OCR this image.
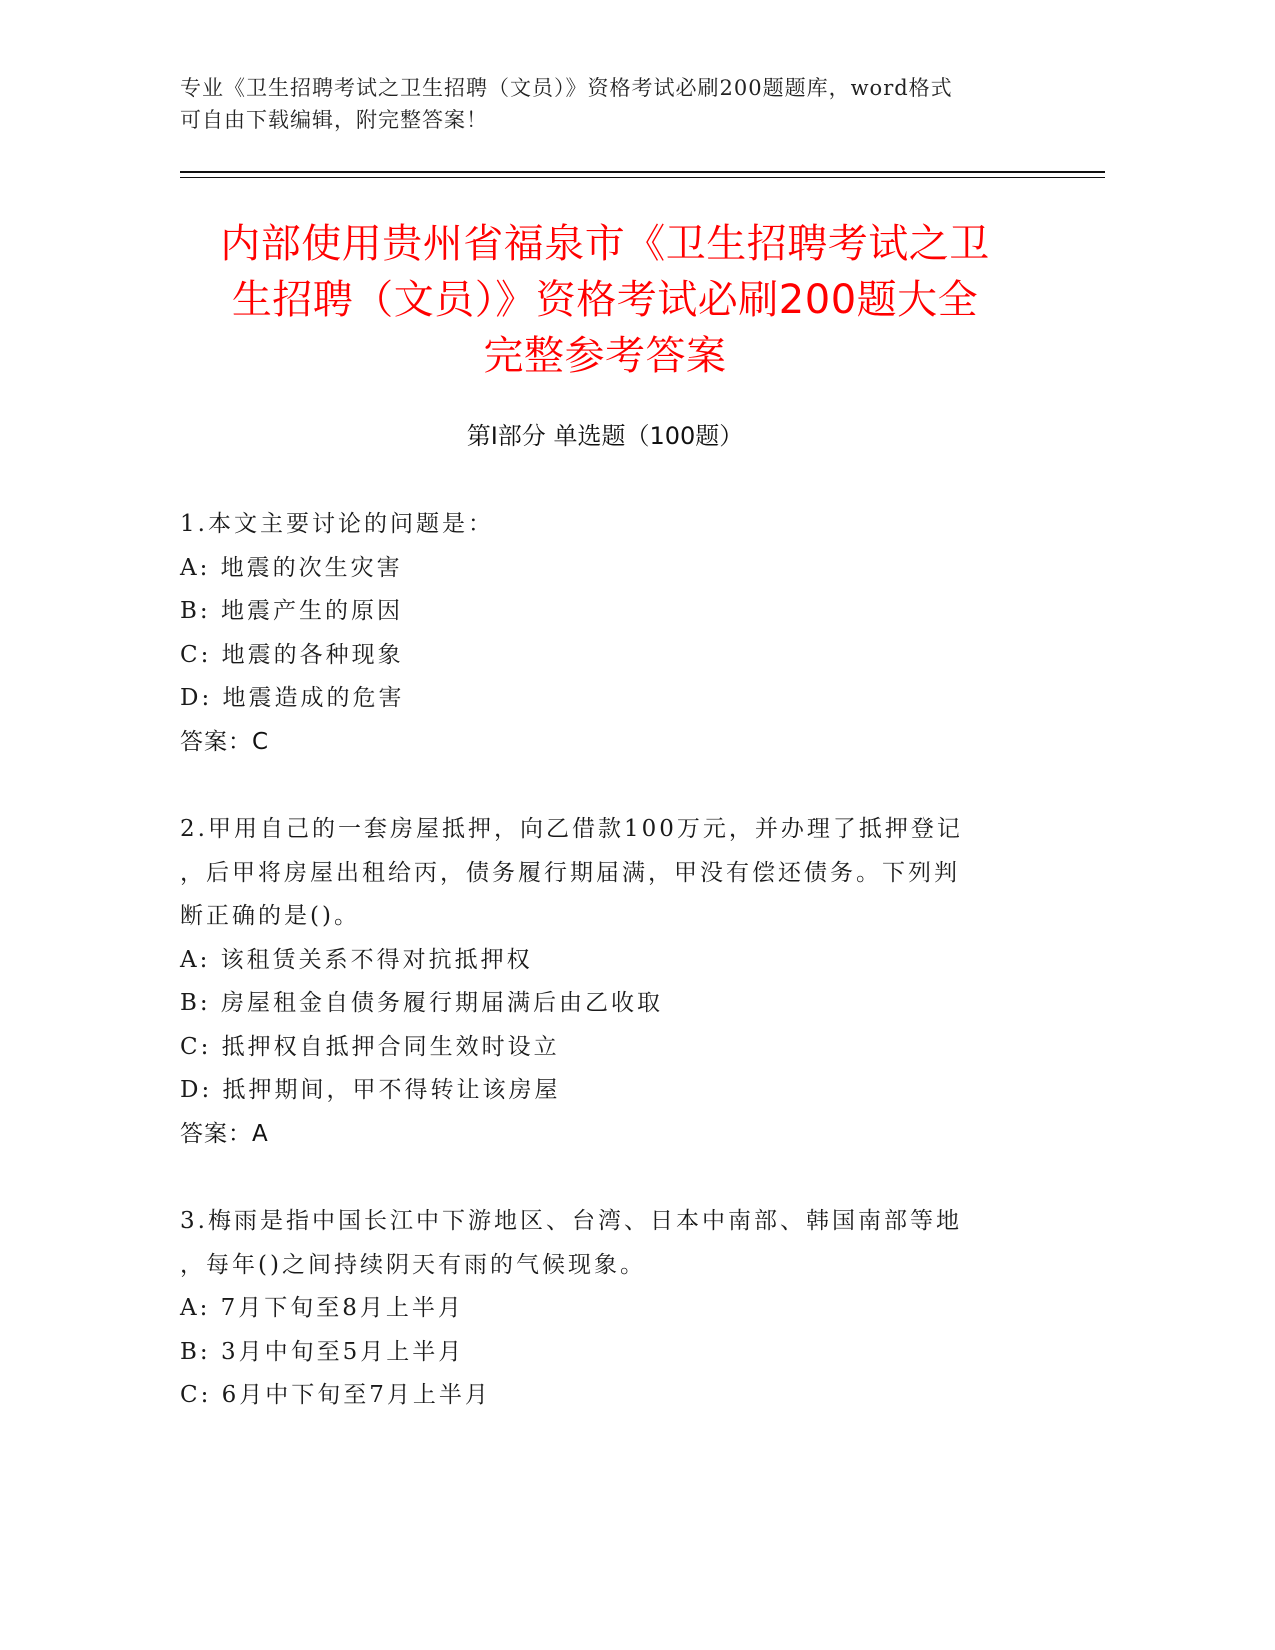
专业《卫生招聘考试之卫生招聘（文员）》资格考试必刷200题题库，word格式
可自由下载编辑，附完整答案！
内部使用贵州省福泉市《卫生招聘考试之卫
生招聘（文员）》资格考试必刷200题大全
完整参考答案
第Ⅰ部分 单选题（100题）
1.本文主要讨论的问题是：
A: 地震的次生灾害
B: 地震产生的原因
C: 地震的各种现象
D: 地震造成的危害
答案：C
2.甲用自己的一套房屋抵押，向乙借款100万元，并办理了抵押登记
，后甲将房屋出租给丙，债务履行期届满，甲没有偿还债务。下列判
断正确的是()。
A: 该租赁关系不得对抗抵押权
B: 房屋租金自债务履行期届满后由乙收取
C: 抵押权自抵押合同生效时设立
D: 抵押期间，甲不得转让该房屋
答案：A
3.梅雨是指中国长江中下游地区、台湾、日本中南部、韩国南部等地
，每年()之间持续阴天有雨的气候现象。
A: 7月下旬至8月上半月
B: 3月中旬至5月上半月
C: 6月中下旬至7月上半月
